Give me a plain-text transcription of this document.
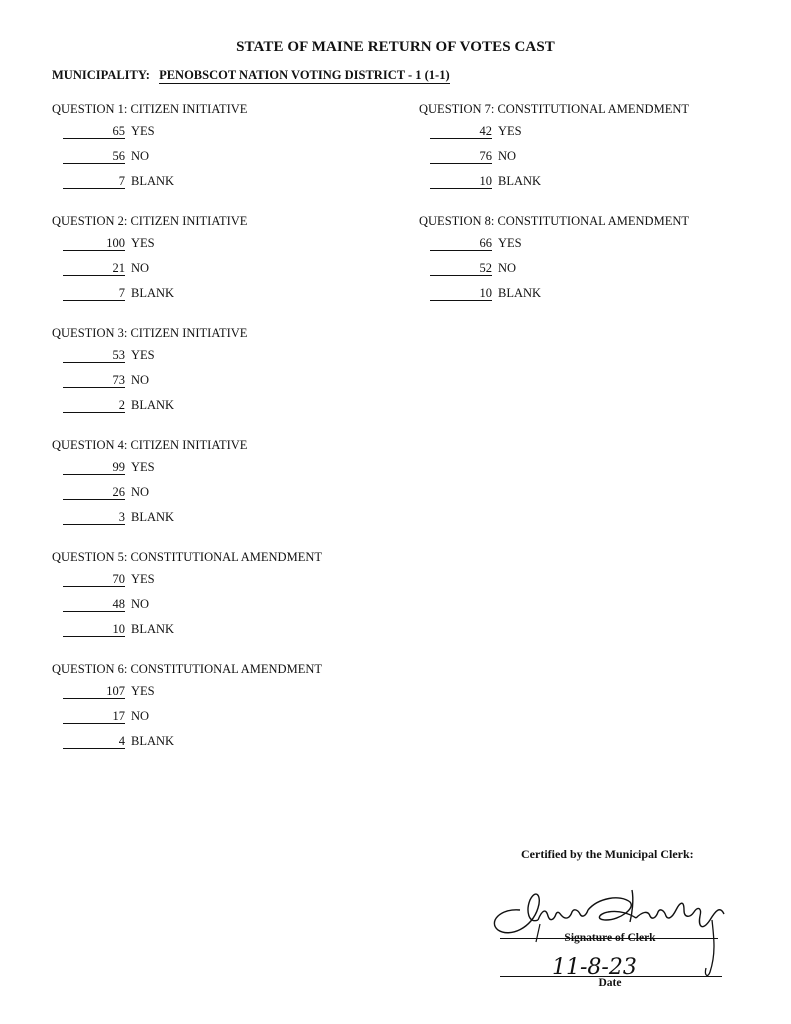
STATE OF MAINE RETURN OF VOTES CAST
MUNICIPALITY: PENOBSCOT NATION VOTING DISTRICT - 1 (1-1)
QUESTION 1: CITIZEN INITIATIVE
65 YES
56 NO
7 BLANK
QUESTION 2: CITIZEN INITIATIVE
100 YES
21 NO
7 BLANK
QUESTION 3: CITIZEN INITIATIVE
53 YES
73 NO
2 BLANK
QUESTION 4: CITIZEN INITIATIVE
99 YES
26 NO
3 BLANK
QUESTION 5: CONSTITUTIONAL AMENDMENT
70 YES
48 NO
10 BLANK
QUESTION 6: CONSTITUTIONAL AMENDMENT
107 YES
17 NO
4 BLANK
QUESTION 7: CONSTITUTIONAL AMENDMENT
42 YES
76 NO
10 BLANK
QUESTION 8: CONSTITUTIONAL AMENDMENT
66 YES
52 NO
10 BLANK
Certified by the Municipal Clerk:
11-8-23
Signature of Clerk
Date
